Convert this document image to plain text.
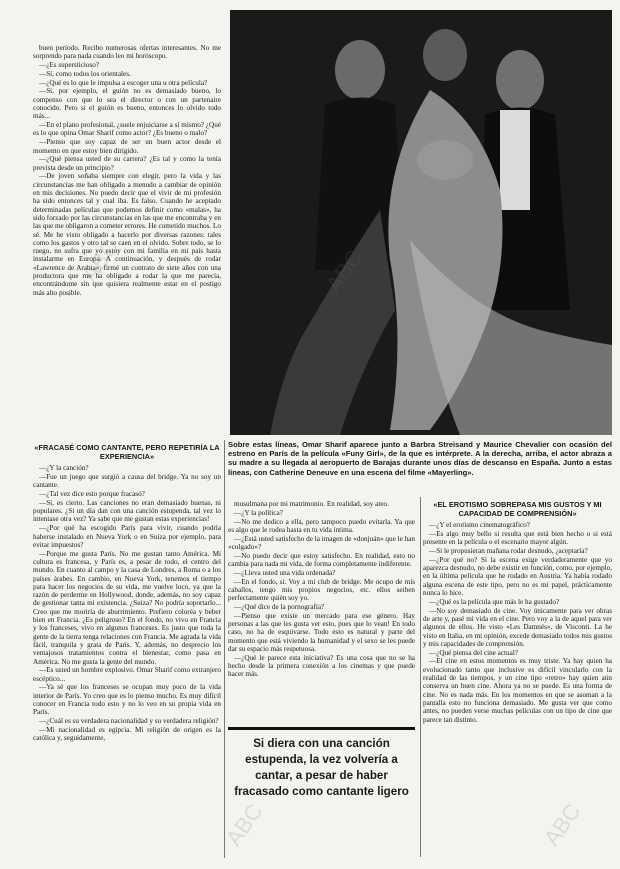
buen período. Recibo numerosas ofertas interesantes. No me sorprendo para nada cuando leo mi horóscopo.

—¿Es supersticioso?

—Sí, como todos los orientales.

—¿Qué es lo que le impulsa a escoger una u otra película?

—Si, por ejemplo, el guión no es demasiado bueno, lo compenso con que lo sea el director o con un partenaire conocido. Pero si el guión es bueno, entonces lo olvido todo más...

—En el plano profesional, ¿suele enjuiciarse a sí mismo? ¿Qué es lo que opina Omar Sharif como actor? ¿Es bueno o malo?

—Pienso que soy capaz de ser un buen actor desde el momento en que estoy bien dirigido.

—¿Qué piensa usted de su carrera? ¿Es tal y como la tenía prevista desde un principio?

—De joven soñaba siempre con elegir, pero la vida y las circunstancias me han obligado a menudo a cambiar de opinión en mis decisiones. No puedo decir que el vivir de mi profesión ha sido entonces tal y cual iba. Es falso. Cuando he aceptado determinadas películas que podemos definir como «malas», ha sido forzado por las circunstancias en las que me encontraba y en las que me obligaron a cometer errores. He cometido muchos. Lo sé. Me he visto obligado a hacerlo por diversas razones: tales como los gastos y otro tal se caen en el olvido. Sobre todo, se lo ruego, no sufra que yo estoy con mi familia en mi país hasta instalarme en Europa. A continuación, y después de rodar «Lawrence de Arabia», firmé un contrato de siete años con una productora que me ha obligado a rodar la que me parecía, encontrándome sin que quisiera realmente estar en el postigo más alto posible.

«FRACASÉ COMO CANTANTE, PERO REPETIRÍA LA EXPERIENCIA»

—¿Y la canción?

—Fue un juego que surgió a causa del bridge. Ya no soy un cantante.

—¿Tal vez dice esto porque fracasó?

—Sí, es cierto. Las canciones no eran demasiado buenas, ni populares. ¿Si un día dan con una canción estupenda, tal vez lo intentase otra vez? Ya sabe que me gustan estas experiencias!

—¿Por qué ha escogido París para vivir, cuando podría haberse instalado en Nueva York o en Suiza por ejemplo, para evitar impuestos?

—Porque me gusta París. No me gustan tanto América. Mi cultura es francesa, y París es, a pesar de todo, el centro del mundo. En cuanto al campo y la casa de Londres, a Roma o a los países árabes. En cambio, en Nueva York, tenemos el tiempo para hacer los negocios de su vida, me vuelve loco, ya que la razón de perderme en Hollywood, donde, además, no soy capaz de gestionar tanta mi existencia. ¿Suiza? No podría soportarlo... Creo que me moriría de aburrimiento. Prefiero coloréa y beber bien en Francia. ¿Es peligroso? En el fondo, no vivo en Francia y los franceses, vivo en algunos franceses. Es justo que toda la gente de la tierra tenga relaciones con Francia. Me agrada la vida fácil, tranquila y grata de París. Y, además, no desprecio los ventajosos tratamientos contra el bienestar, como pasa en América. No me gusta la gente del mundo.

—Es usted un hombre explosivo. Omar Sharif como extranjero escéptico...

—Ya sé que los franceses se ocupan muy poco de la vida interior de París. Yo creo que es lo pienso mucho. Es muy difícil conocer en Francia todo esto y no lo veo en su propia vida en París.

—¿Cuál es su verdadera nacionalidad y su verdadera religión?

—Mi nacionalidad es egipcia. Mi religión de origen es la católica y, seguidamente,

Sobre estas líneas, Omar Sharif aparece junto a Barbra Streisand y Maurice Chevalier con ocasión del estreno en París de la película «Funy Girl», de la que es intérprete. A la derecha, arriba, el actor abraza a su madre a su llegada al aeropuerto de Barajas durante unos días de descanso en España. Junto a estas líneas, con Catherine Deneuve en una escena del filme «Mayerling».

musulmana por mi matrimonio. En realidad, soy ateo.

—¿Y la política?

—No me dedico a ella, pero tampoco puedo evitarla. Ya que es algo que le rodea hasta en tu vida íntima.

—¿Está usted satisfecho de la imagen de «donjuán» que le han «colgado»?

—No puedo decir que estoy satisfecho. En realidad, esto no cambia para nada mi vida, de forma completamente indiferente.

—¿Lleva usted una vida ordenada?

—En el fondo, sí. Voy a mi club de bridge. Me ocupo de mis caballos, tengo mis propios negocios, etc. ellos seiben perfectamente quién soy yo.

—¿Qué dice de la pornografía?

—Pienso que existe un mercado para ese género. Hay personas a las que les gusta ver esto, pues que lo vean! En todo caso, no ha de esquivarse. Todo esto es natural y parte del momento que está viviendo la humanidad y el sexo se les puede dar su espacio más respetuosa.

—¿Qué le parece esta iniciativa? Es una cosa que no se ha hecho desde la primera conexión a los cinemas y que puede hacer más.

Si diera con una canción estupenda, la vez volvería a cantar, a pesar de haber fracasado como cantante ligero
«EL EROTISMO SOBREPASA MIS GUSTOS Y MI CAPACIDAD DE COMPRENSIÓN»

—¿Y el erotismo cinematográfico?

—Es algo muy bello si resulta que está bien hecho o si está presente en la película o el escenario mayor algún.

—Si le propusieran mañana rodar desnudo, ¿aceptaría?

—¿Por qué no? Si la escena exige verdaderamente que yo aparezca desnudo, no debe existir en función, como, por ejemplo, en la última película que he rodado en Austria. Ya había rodado alguna escena de este tipo, pero no es mi papel, prácticamente nunca lo hice.

—¿Qué es la película que más le ha gustado?

—No soy demasiado de cine. Voy únicamente para ver obras de arte y, pasé mi vida en el cine. Pero voy a la de aquel para ver algunos de ellos. He visto «Les Damnés», de Visconti. La he visto en Italia, en mi opinión, excede demasiado todos mis gustos y mis capacidades de comprensión.

—¿Qué piensa del cine actual?

—El cine en estos momentos es muy triste. Ya hay quien ha evolucionado tanto que inclusive es difícil vincularlo con la realidad de las tiempos, y un cine tipo «retro» hay quien aún conserva un buen cine. Ahora ya no se puede. Es una forma de cine. No es nada más. En los momentos en que se asoman a la pantalla esto no funciona demasiado. Me gusta ver que como antes, no pueden verse muchas películas con un tipo de cine que parece tan distinto.

ABC
ABC	ABC
